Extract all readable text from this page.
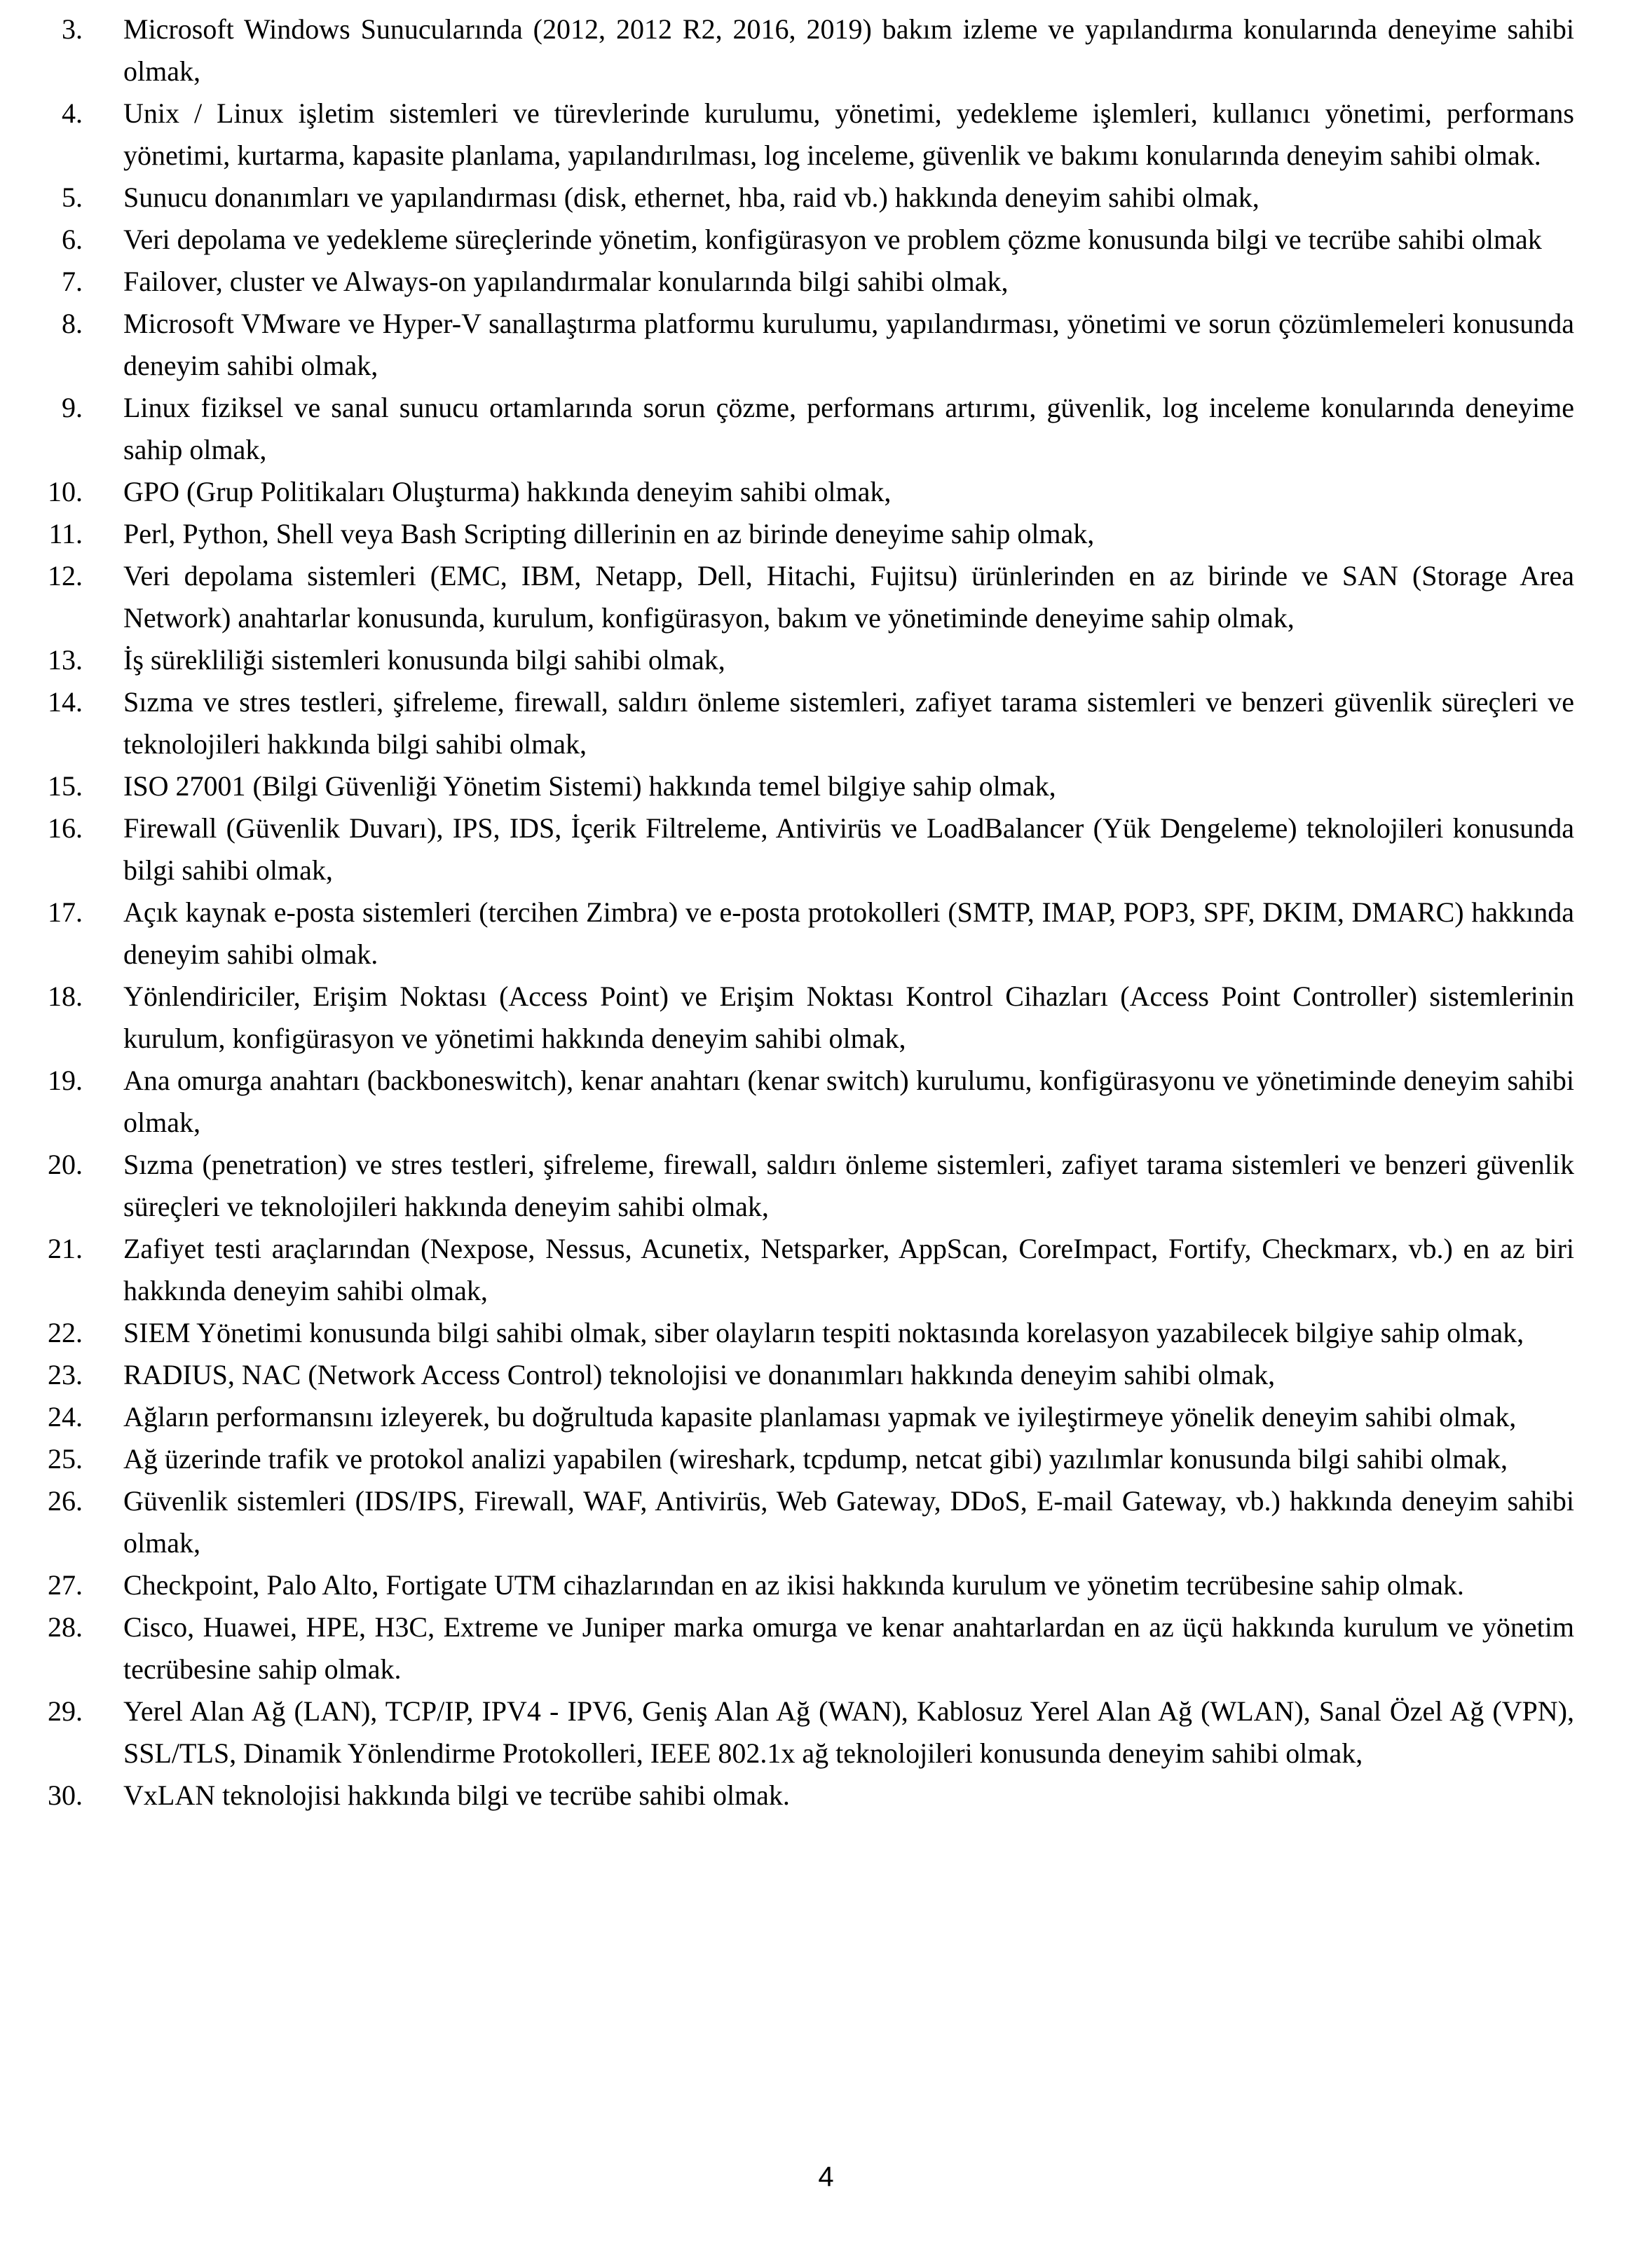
3.	Microsoft Windows Sunucularında (2012, 2012 R2, 2016, 2019) bakım izleme ve yapılandırma konularında deneyime sahibi olmak,
4.	Unix / Linux işletim sistemleri ve türevlerinde kurulumu, yönetimi, yedekleme işlemleri, kullanıcı yönetimi, performans yönetimi, kurtarma, kapasite planlama, yapılandırılması, log inceleme, güvenlik ve bakımı konularında deneyim sahibi olmak.
5.	Sunucu donanımları ve yapılandırması (disk, ethernet, hba, raid vb.) hakkında deneyim sahibi olmak,
6.	Veri depolama ve yedekleme süreçlerinde yönetim, konfigürasyon ve problem çözme konusunda bilgi ve tecrübe sahibi olmak
7.	Failover, cluster ve Always-on yapılandırmalar konularında bilgi sahibi olmak,
8.	Microsoft VMware ve Hyper-V sanallaştırma platformu kurulumu, yapılandırması, yönetimi ve sorun çözümlemeleri konusunda deneyim sahibi olmak,
9.	Linux fiziksel ve sanal sunucu ortamlarında sorun çözme, performans artırımı, güvenlik, log inceleme konularında deneyime sahip olmak,
10.	GPO (Grup Politikaları Oluşturma) hakkında deneyim sahibi olmak,
11.	Perl, Python, Shell veya Bash Scripting dillerinin en az birinde deneyime sahip olmak,
12.	Veri depolama sistemleri (EMC, IBM, Netapp, Dell, Hitachi, Fujitsu) ürünlerinden en az birinde ve SAN (Storage Area Network) anahtarlar konusunda, kurulum, konfigürasyon, bakım ve yönetiminde deneyime sahip olmak,
13.	İş sürekliliği sistemleri konusunda bilgi sahibi olmak,
14.	Sızma ve stres testleri, şifreleme, firewall, saldırı önleme sistemleri, zafiyet tarama sistemleri ve benzeri güvenlik süreçleri ve teknolojileri hakkında bilgi sahibi olmak,
15.	ISO 27001 (Bilgi Güvenliği Yönetim Sistemi) hakkında temel bilgiye sahip olmak,
16.	Firewall (Güvenlik Duvarı), IPS, IDS, İçerik Filtreleme, Antivirüs ve LoadBalancer (Yük Dengeleme) teknolojileri konusunda bilgi sahibi olmak,
17.	Açık kaynak e-posta sistemleri (tercihen Zimbra) ve e-posta protokolleri (SMTP, IMAP, POP3, SPF, DKIM, DMARC) hakkında deneyim sahibi olmak.
18.	Yönlendiriciler, Erişim Noktası (Access Point) ve Erişim Noktası Kontrol Cihazları (Access Point Controller) sistemlerinin kurulum, konfigürasyon ve yönetimi hakkında deneyim sahibi olmak,
19.	Ana omurga anahtarı (backboneswitch), kenar anahtarı (kenar switch) kurulumu, konfigürasyonu ve yönetiminde deneyim sahibi olmak,
20.	Sızma (penetration) ve stres testleri, şifreleme, firewall, saldırı önleme sistemleri, zafiyet tarama sistemleri ve benzeri güvenlik süreçleri ve teknolojileri hakkında deneyim sahibi olmak,
21.	Zafiyet testi araçlarından (Nexpose, Nessus, Acunetix, Netsparker, AppScan, CoreImpact, Fortify, Checkmarx, vb.) en az biri hakkında deneyim sahibi olmak,
22.	SIEM Yönetimi konusunda bilgi sahibi olmak, siber olayların tespiti noktasında korelasyon yazabilecek bilgiye sahip olmak,
23.	RADIUS, NAC (Network Access Control) teknolojisi ve donanımları hakkında deneyim sahibi olmak,
24.	Ağların performansını izleyerek, bu doğrultuda kapasite planlaması yapmak ve iyileştirmeye yönelik deneyim sahibi olmak,
25.	Ağ üzerinde trafik ve protokol analizi yapabilen (wireshark, tcpdump, netcat gibi) yazılımlar konusunda bilgi sahibi olmak,
26.	Güvenlik sistemleri (IDS/IPS, Firewall, WAF, Antivirüs, Web Gateway, DDoS, E-mail Gateway, vb.) hakkında deneyim sahibi olmak,
27.	Checkpoint, Palo Alto, Fortigate UTM cihazlarından en az ikisi hakkında kurulum ve yönetim tecrübesine sahip olmak.
28.	Cisco, Huawei, HPE, H3C, Extreme ve Juniper marka omurga ve kenar anahtarlardan en az üçü hakkında kurulum ve yönetim tecrübesine sahip olmak.
29.	Yerel Alan Ağ (LAN), TCP/IP, IPV4 - IPV6, Geniş Alan Ağ (WAN), Kablosuz Yerel Alan Ağ (WLAN), Sanal Özel Ağ (VPN), SSL/TLS, Dinamik Yönlendirme Protokolleri, IEEE 802.1x ağ teknolojileri konusunda deneyim sahibi olmak,
30.	VxLAN teknolojisi hakkında bilgi ve tecrübe sahibi olmak.
4
